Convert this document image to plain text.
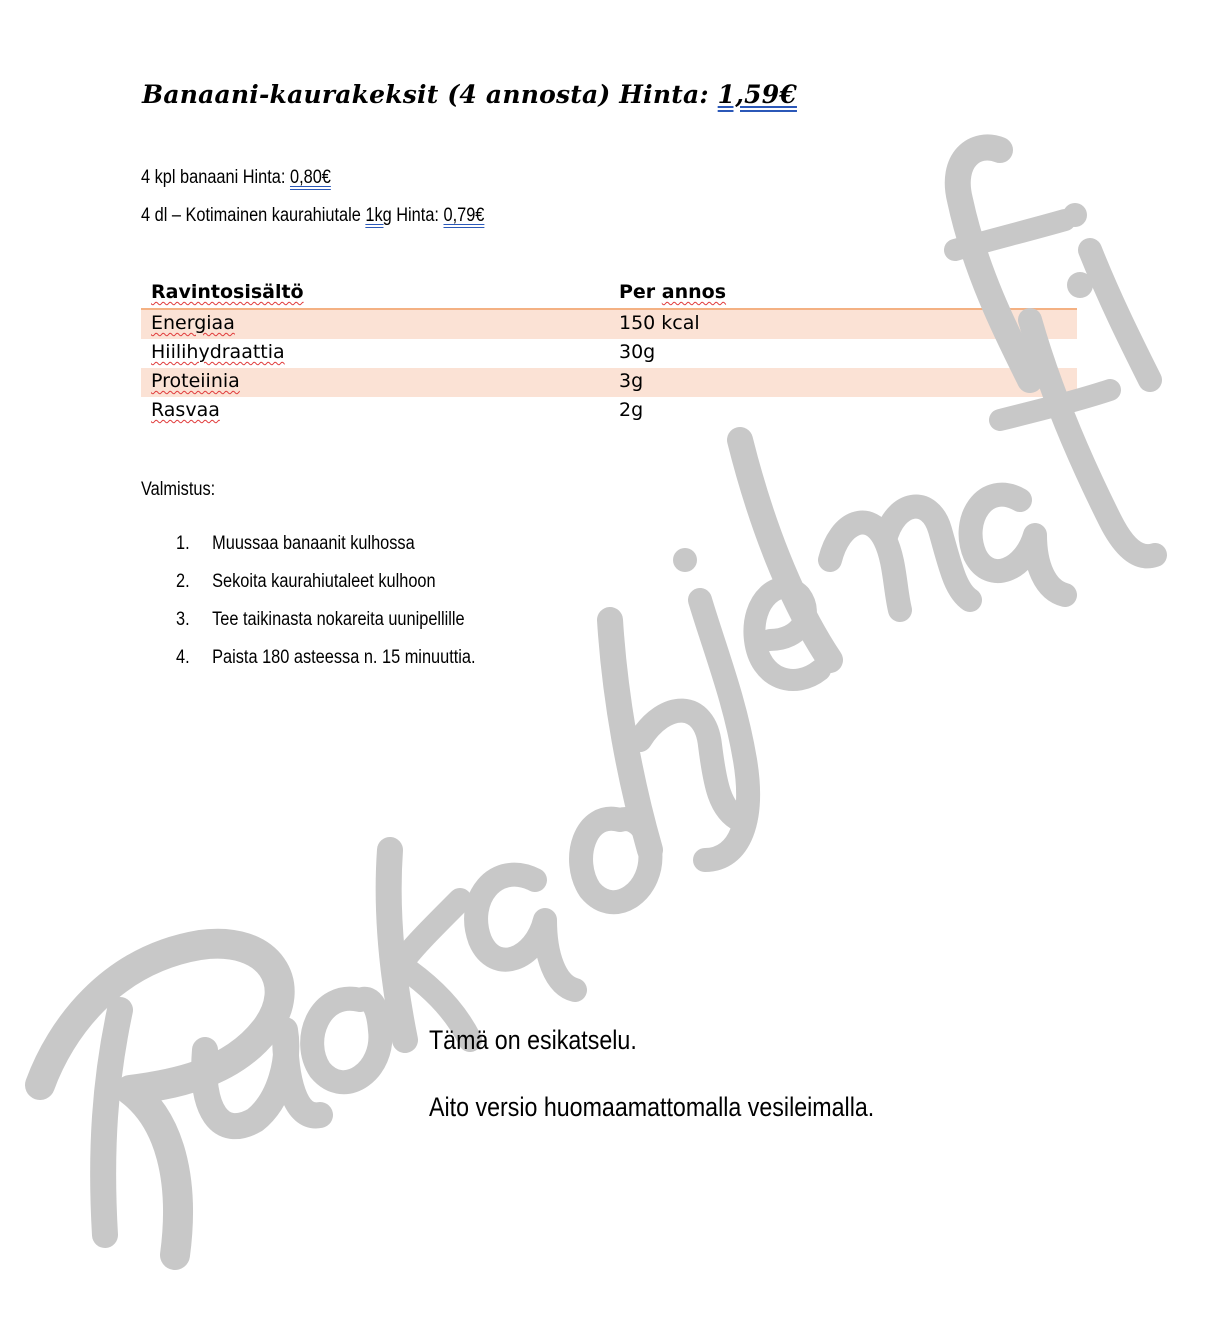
Banaani-kaurakeksit (4 annosta) Hinta: 1,59€
4 kpl banaani Hinta: 0,80€
4 dl – Kotimainen kaurahiutale 1kg Hinta: 0,79€
Ravintosisältö	Per annos
Energiaa	150 kcal
Hiilihydraattia	30g
Proteiinia	3g
Rasvaa	2g
Valmistus:
1. Muussaa banaanit kulhossa
2. Sekoita kaurahiutaleet kulhoon
3. Tee taikinasta nokareita uunipellille
4. Paista 180 asteessa n. 15 minuuttia.
Tämä on esikatselu.
Aito versio huomaamattomalla vesileimalla.
